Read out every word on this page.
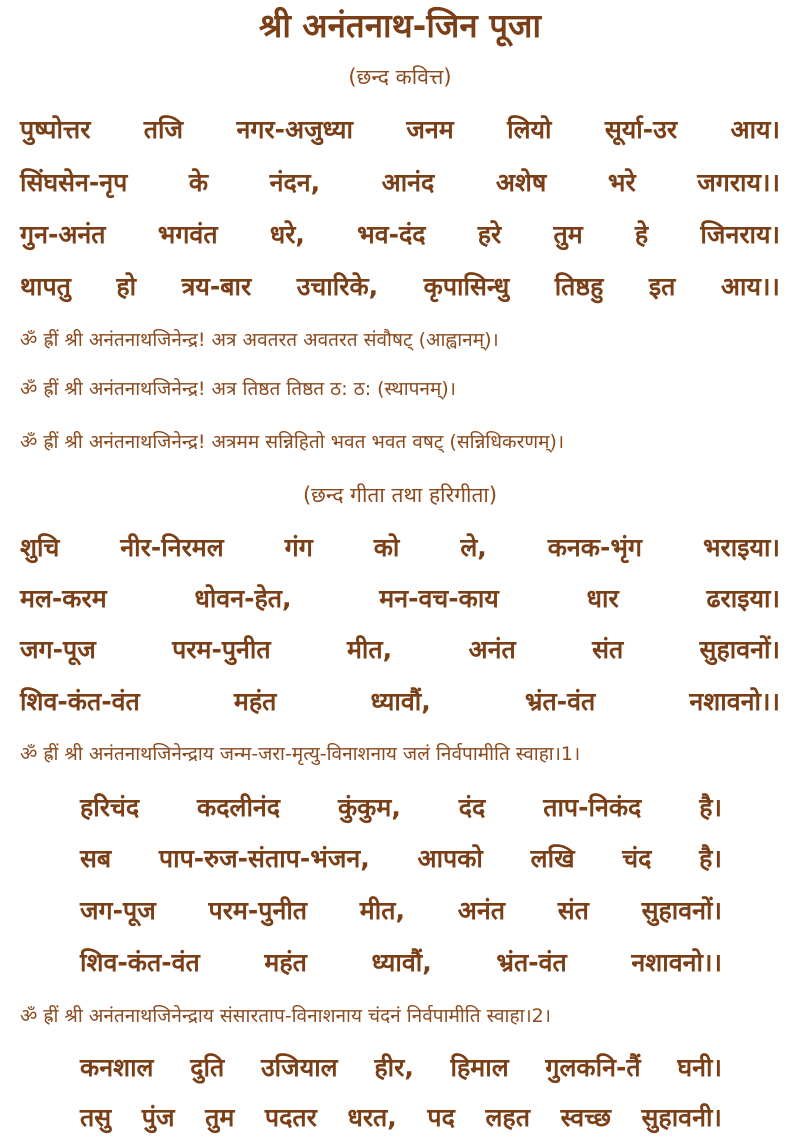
श्री अनंतनाथ-जिन पूजा
(छन्द कवित्त)
पुष्पोत्तर तजि नगर-अजुध्या जनम लियो सूर्या-उर आय।
सिंघसेन-नृप के नंदन, आनंद अशेष भरे जगराय।।
गुन-अनंत भगवंत धरे, भव-दंद हरे तुम हे जिनराय।
थापतु हो त्रय-बार उचारिके, कृपासिन्धु तिष्ठहु इत आय।।
ॐ ह्रीं श्री अनंतनाथजिनेन्द्र! अत्र अवतरत अवतरत संवौषट् (आह्वानम्)।
ॐ ह्रीं श्री अनंतनाथजिनेन्द्र! अत्र तिष्ठत तिष्ठत ठ: ठ: (स्थापनम्)।
ॐ ह्रीं श्री अनंतनाथजिनेन्द्र! अत्रमम सन्निहितो भवत भवत वषट् (सन्निधिकरणम्)।
(छन्द गीता तथा हरिगीता)
शुचि नीर-निरमल गंग को ले, कनक-भृंग भराइया।
मल-करम	धोवन-हेत,	मन-वच-काय	धार	ढराइया।
जग-पूज	परम-पुनीत	मीत,	अनंत	संत	सुहावनों।
शिव-कंत-वंत	महंत	ध्यावौं,	भ्रंत-वंत	नशावनो।।
ॐ ह्रीं श्री अनंतनाथजिनेन्द्राय जन्म-जरा-मृत्यु-विनाशनाय जलं निर्वपामीति स्वाहा।1।
हरिचंद कदलीनंद कुंकुम, दंद ताप-निकंद है।
सब पाप-रुज-संताप-भंजन, आपको लखि चंद है।
जग-पूज परम-पुनीत मीत, अनंत संत सुहावनों।
शिव-कंत-वंत	महंत	ध्यावौं,	भ्रंत-वंत	नशावनो।।
ॐ ह्रीं श्री अनंतनाथजिनेन्द्राय संसारताप-विनाशनाय चंदनं निर्वपामीति स्वाहा।2।
कनशाल दुति उजियाल हीर, हिमाल गुलकनि-तैं घनी।
तसु पुंज तुम पदतर धरत, पद लहत स्वच्छ सुहावनी।
